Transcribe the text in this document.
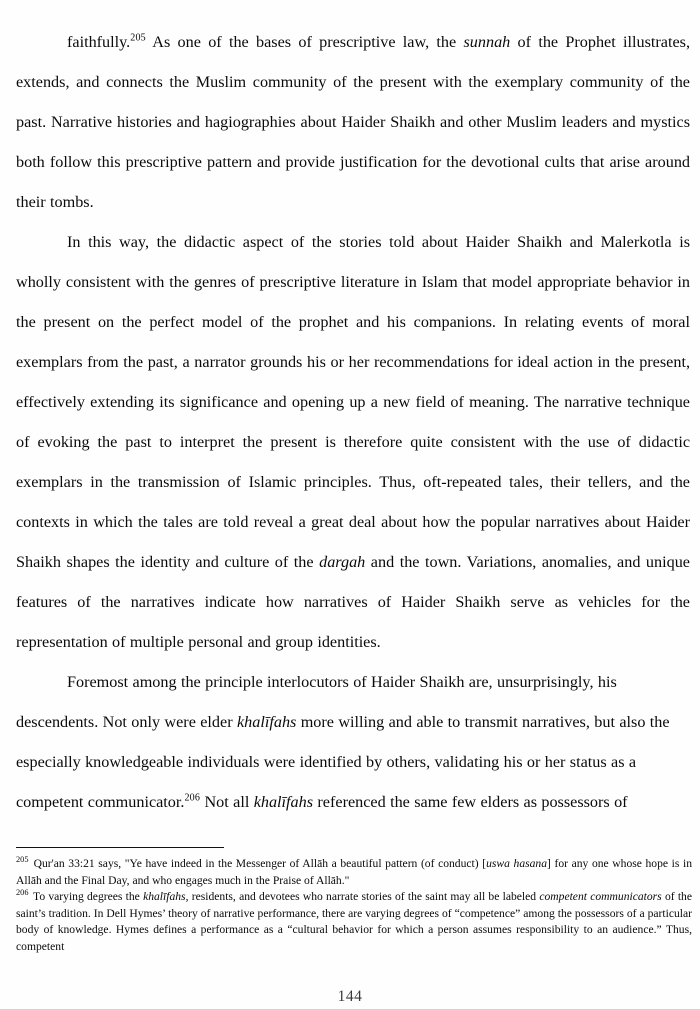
faithfully.$^{205}$ As one of the bases of prescriptive law, the sunnah of the Prophet illustrates, extends, and connects the Muslim community of the present with the exemplary community of the past. Narrative histories and hagiographies about Haider Shaikh and other Muslim leaders and mystics both follow this prescriptive pattern and provide justification for the devotional cults that arise around their tombs.

In this way, the didactic aspect of the stories told about Haider Shaikh and Malerkotla is wholly consistent with the genres of prescriptive literature in Islam that model appropriate behavior in the present on the perfect model of the prophet and his companions. In relating events of moral exemplars from the past, a narrator grounds his or her recommendations for ideal action in the present, effectively extending its significance and opening up a new field of meaning. The narrative technique of evoking the past to interpret the present is therefore quite consistent with the use of didactic exemplars in the transmission of Islamic principles. Thus, oft-repeated tales, their tellers, and the contexts in which the tales are told reveal a great deal about how the popular narratives about Haider Shaikh shapes the identity and culture of the dargah and the town. Variations, anomalies, and unique features of the narratives indicate how narratives of Haider Shaikh serve as vehicles for the representation of multiple personal and group identities.

Foremost among the principle interlocutors of Haider Shaikh are, unsurprisingly, his descendents. Not only were elder khalīfahs more willing and able to transmit narratives, but also the especially knowledgeable individuals were identified by others, validating his or her status as a competent communicator.$^{206}$ Not all khalīfahs referenced the same few elders as possessors of

$^{205}$ Qur'an 33:21 says, "Ye have indeed in the Messenger of Allāh a beautiful pattern (of conduct) [uswa hasana] for any one whose hope is in Allāh and the Final Day, and who engages much in the Praise of Allāh."

$^{206}$ To varying degrees the khalīfahs, residents, and devotees who narrate stories of the saint may all be labeled competent communicators of the saint’s tradition. In Dell Hymes’ theory of narrative performance, there are varying degrees of “competence” among the possessors of a particular body of knowledge. Hymes defines a performance as a “cultural behavior for which a person assumes responsibility to an audience.” Thus, competent

144
